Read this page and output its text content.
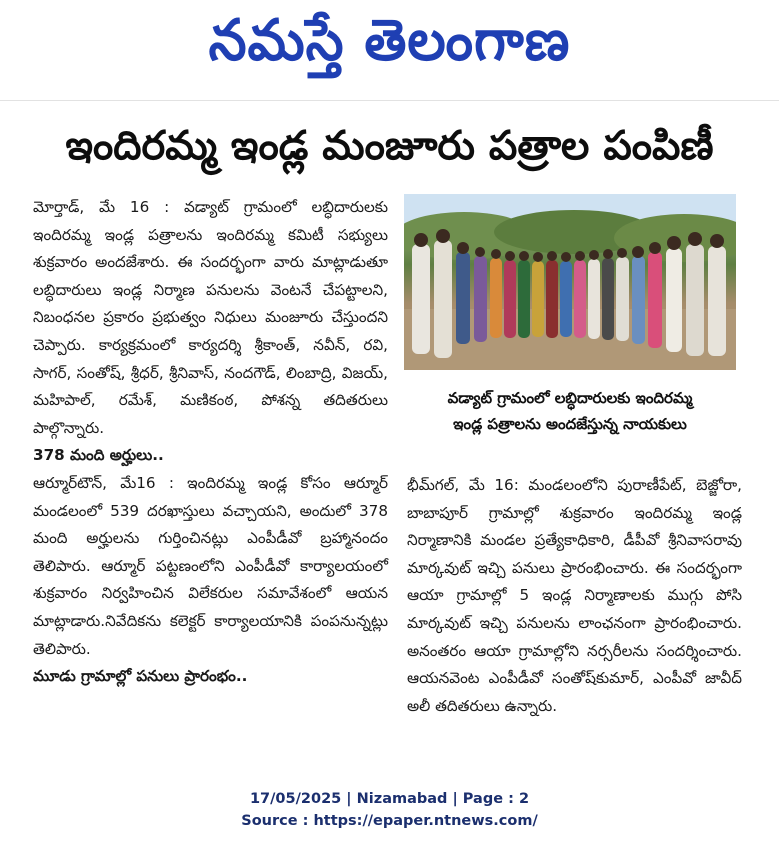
నమస్తే తెలంగాణ
ఇందిరమ్మ ఇండ్ల మంజూరు పత్రాల పంపిణీ

మోర్తాడ్, మే 16 : వడ్యాట్ గ్రామంలో లబ్ధిదారులకు ఇందిరమ్మ ఇండ్ల పత్రాలను ఇందిరమ్మ కమిటీ సభ్యులు శుక్రవారం అందజేశారు. ఈ సందర్భంగా వారు మాట్లాడుతూ లబ్ధిదారులు ఇండ్ల నిర్మాణ పనులను వెంటనే చేపట్టాలని, నిబంధనల ప్రకారం ప్రభుత్వం నిధులు మంజూరు చేస్తుందని చెప్పారు. కార్యక్రమంలో కార్యదర్శి శ్రీకాంత్, నవీన్, రవి, సాగర్, సంతోష్, శ్రీధర్, శ్రీనివాస్, నందగౌడ్, లింబాద్రి, విజయ్, మహిపాల్, రమేశ్, మణికంఠ, పోశన్న తదితరులు పాల్గొన్నారు.

378 మంది అర్హులు..

ఆర్మూర్‌టౌన్, మే16 : ఇందిరమ్మ ఇండ్ల కోసం ఆర్మూర్ మండలంలో 539 దరఖాస్తులు వచ్చాయని, అందులో 378 మంది అర్హులను గుర్తించినట్లు ఎంపీడీవో బ్రహ్మానందం తెలిపారు. ఆర్మూర్ పట్టణంలోని ఎంపీడీవో కార్యాలయంలో శుక్రవారం నిర్వహించిన విలేకరుల సమావేశంలో ఆయన మాట్లాడారు.నివేదికను కలెక్టర్ కార్యాలయానికి పంపనున్నట్లు తెలిపారు.

మూడు గ్రామాల్లో పనులు ప్రారంభం..

వడ్యాట్ గ్రామంలో లబ్ధిదారులకు ఇందిరమ్మ
ఇండ్ల పత్రాలను అందజేస్తున్న నాయకులు

భీమ్‌గల్, మే 16: మండలంలోని పురాణీపేట్, బెజ్జోరా, బాబాపూర్ గ్రామాల్లో శుక్రవారం ఇందిరమ్మ ఇండ్ల నిర్మాణానికి మండల ప్రత్యేకాధికారి, డీపీవో శ్రీనివాసరావు మార్కవుట్ ఇచ్చి పనులు ప్రారంభించారు. ఈ సందర్భంగా ఆయా గ్రామాల్లో 5 ఇండ్ల నిర్మాణాలకు ముగ్గు పోసి మార్కవుట్ ఇచ్చి పనులను లాంఛనంగా ప్రారంభించారు. అనంతరం ఆయా గ్రామాల్లోని నర్సరీలను సందర్శించారు. ఆయనవెంట ఎంపీడీవో సంతోష్‌కుమార్, ఎంపీవో జావీద్ అలీ తదితరులు ఉన్నారు.

17/05/2025 | Nizamabad | Page : 2
Source : https://epaper.ntnews.com/
